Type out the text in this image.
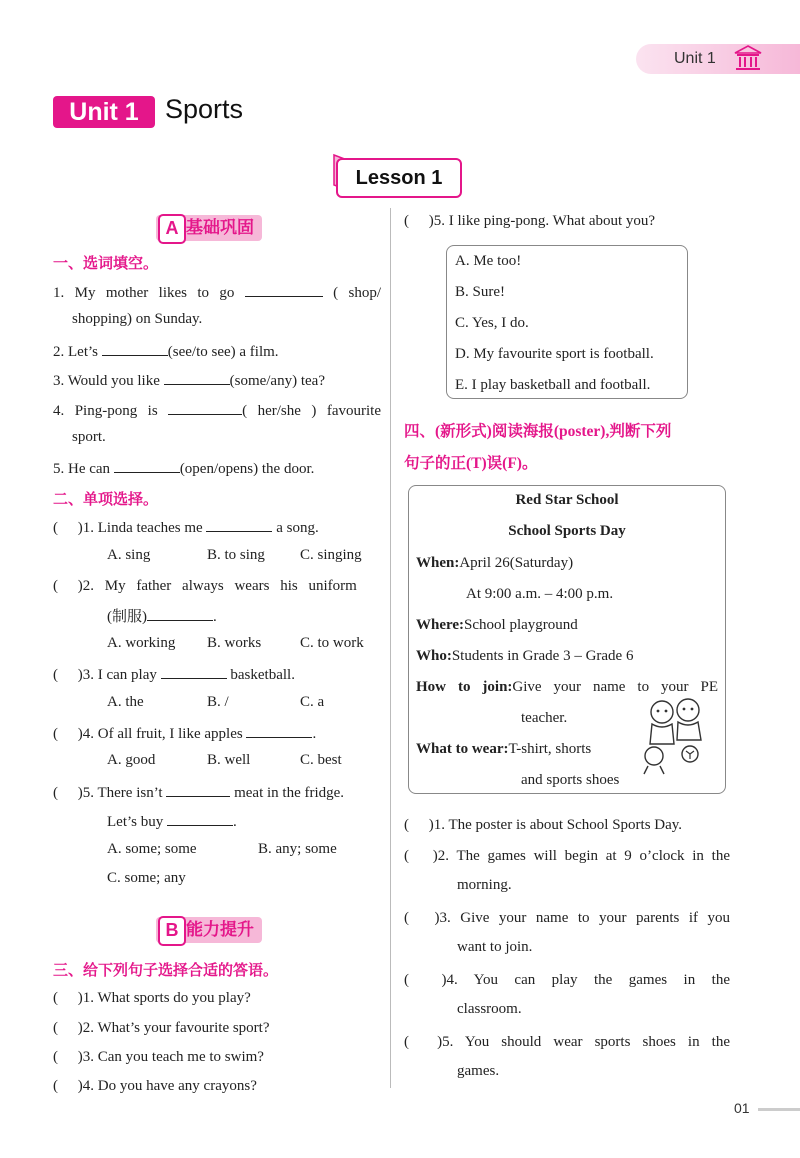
Unit 1
Unit 1 Sports
Lesson 1
A 基础巩固
一、选词填空。
1. My mother likes to go	( shop/
shopping) on Sunday.
2. Let’s	(see/to see) a film.
3. Would you like	(some/any) tea?
4. Ping-pong is	( her/she ) favourite
sport.
5. He can	(open/opens) the door.
二、单项选择。
( )1. Linda teaches me	a song.
A. sing	B. to sing C. singing
( )2. My father always wears his uniform
(制服)	.
A. working B. works	C. to work
( )3. I can play	basketball.
A. the	B. /	C. a
( )4. Of all fruit, I like apples	.
A. good	B. well	C. best
( )5. There isn’t	meat in the fridge.
Let’s buy	.
A. some; some	B. any; some
C. some; any
B 能力提升
三、给下列句子选择合适的答语。
( )1. What sports do you play?
( )2. What’s your favourite sport?
( )3. Can you teach me to swim?
( )4. Do you have any crayons?
( )5. I like ping-pong. What about you?
A. Me too!
B. Sure!
C. Yes, I do.
D. My favourite sport is football.
E. I play basketball and football.
四、(新形式)阅读海报(poster),判断下列
句子的正(T)误(F)。
Red Star School
School Sports Day
When:April 26(Saturday)
At 9:00 a.m. – 4:00 p.m.
Where:School playground
Who:Students in Grade 3 – Grade 6
How to join:Give your name to your PE
teacher.
What to wear:T-shirt, shorts
and sports shoes
( )1. The poster is about School Sports Day.
( )2. The games will begin at 9 o’clock in the
morning.
( )3. Give your name to your parents if you
want to join.
( )4. You can play the games in the
classroom.
( )5. You should wear sports shoes in the
games.
01
